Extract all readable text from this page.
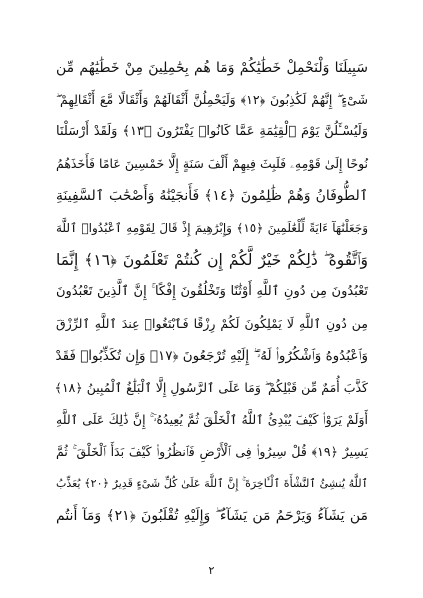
سَبِيلَنَا وَلْنَحْمِلْ خَطَٰيَٰكُمْ وَمَا هُم بِحَٰمِلِينَ مِنْ خَطَٰيَٰهُم مِّن
شَىْءٍ ۖ إِنَّهُمْ لَكَٰذِبُونَ ﴿١٢﴾ وَلَيَحْمِلُنَّ أَثْقَالَهُمْ وَأَثْقَالًا مَّعَ أَثْقَالِهِمْ ۖ
وَلَيُسْـَٔلُنَّ يَوْمَ ٱلْقِيَٰمَةِ عَمَّا كَانُوا۟ يَفْتَرُونَ ﴿١٣﴾ وَلَقَدْ أَرْسَلْنَا
نُوحًا إِلَىٰ قَوْمِهِۦ فَلَبِثَ فِيهِمْ أَلْفَ سَنَةٍ إِلَّا خَمْسِينَ عَامًا فَأَخَذَهُمُ
ٱلطُّوفَانُ وَهُمْ ظَٰلِمُونَ ﴿١٤﴾ فَأَنجَيْنَٰهُ وَأَصْحَٰبَ ٱلسَّفِينَةِ
وَجَعَلْنَٰهَآ ءَايَةً لِّلْعَٰلَمِينَ ﴿١٥﴾ وَإِبْرَٰهِيمَ إِذْ قَالَ لِقَوْمِهِ ٱعْبُدُوا۟ ٱللَّهَ
وَٱتَّقُوهُ ۖ ذَٰلِكُمْ خَيْرٌ لَّكُمْ إِن كُنتُمْ تَعْلَمُونَ ﴿١٦﴾ إِنَّمَا
تَعْبُدُونَ مِن دُونِ ٱللَّهِ أَوْثَٰنًا وَتَخْلُقُونَ إِفْكًا ۚ إِنَّ ٱلَّذِينَ تَعْبُدُونَ
مِن دُونِ ٱللَّهِ لَا يَمْلِكُونَ لَكُمْ رِزْقًا فَٱبْتَغُوا۟ عِندَ ٱللَّهِ ٱلرِّزْقَ
وَٱعْبُدُوهُ وَٱشْكُرُوا۟ لَهُۥٓ ۖ إِلَيْهِ تُرْجَعُونَ ﴿١٧﴾ وَإِن تُكَذِّبُوا۟ فَقَدْ
كَذَّبَ أُمَمٌ مِّن قَبْلِكُمْ ۖ وَمَا عَلَى ٱلرَّسُولِ إِلَّا ٱلْبَلَٰغُ ٱلْمُبِينُ ﴿١٨﴾
أَوَلَمْ يَرَوْا۟ كَيْفَ يُبْدِئُ ٱللَّهُ ٱلْخَلْقَ ثُمَّ يُعِيدُهُۥٓ ۚ إِنَّ ذَٰلِكَ عَلَى ٱللَّهِ
يَسِيرٌ ﴿١٩﴾ قُلْ سِيرُوا۟ فِى ٱلْأَرْضِ فَٱنظُرُوا۟ كَيْفَ بَدَأَ ٱلْخَلْقَ ۚ ثُمَّ
ٱللَّهُ يُنشِئُ ٱلنَّشْأَةَ ٱلْـَٔاخِرَةَ ۚ إِنَّ ٱللَّهَ عَلَىٰ كُلِّ شَىْءٍ قَدِيرٌ ﴿٢٠﴾ يُعَذِّبُ
مَن يَشَآءُ وَيَرْحَمُ مَن يَشَآءُ ۖ وَإِلَيْهِ تُقْلَبُونَ ﴿٢١﴾ وَمَآ أَنتُم
٢
